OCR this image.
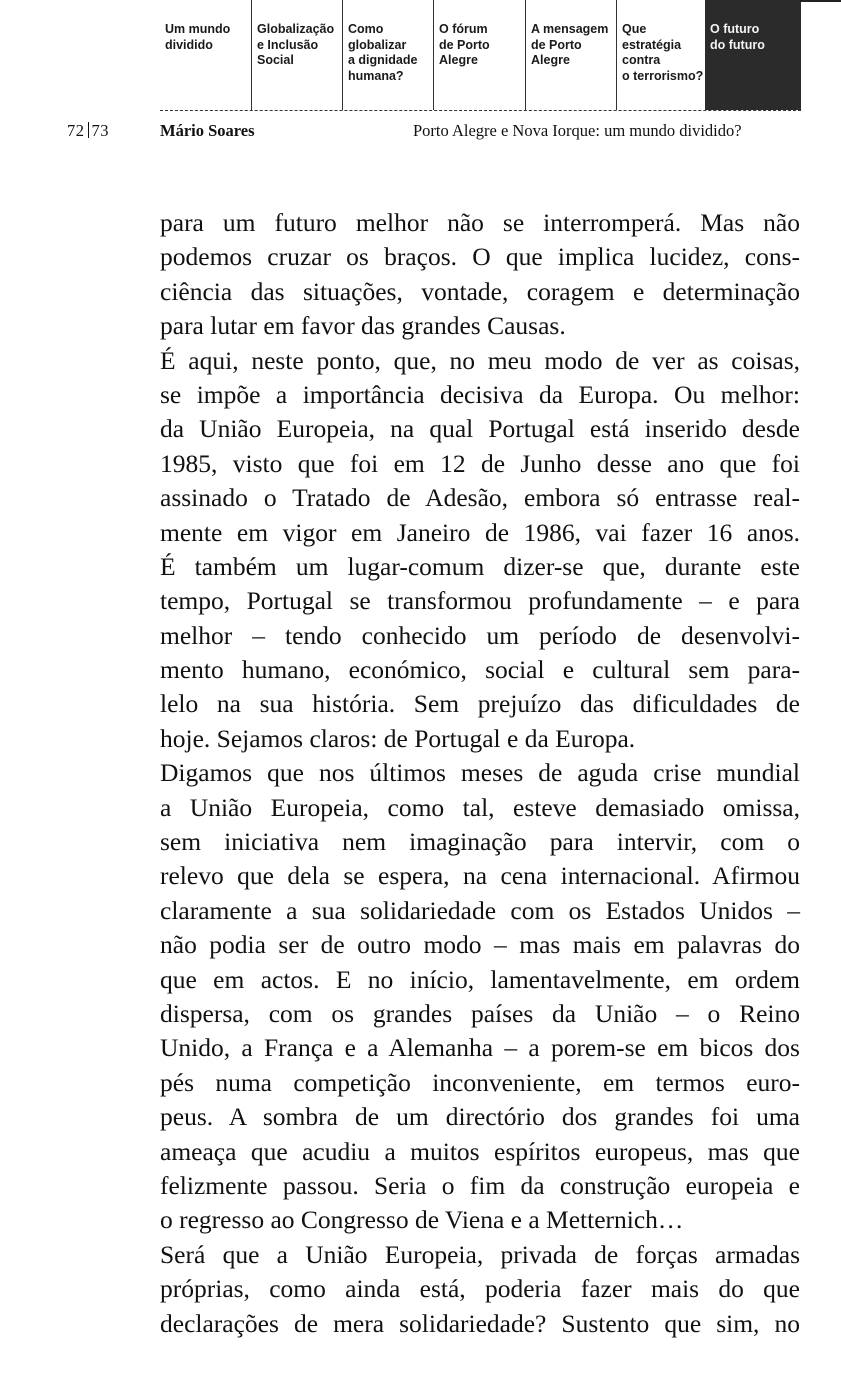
Um mundo
dividido
Globalização
e Inclusão
Social
Como
globalizar
a dignidade
humana?
O fórum
de Porto
Alegre
A mensagem
de Porto
Alegre
Que
estratégia
contra
o terrorismo?
O futuro
do futuro
72 73	Mário Soares	Porto Alegre e Nova Iorque: um mundo dividido?
para um futuro melhor não se interromperá. Mas não
podemos cruzar os braços. O que implica lucidez, cons-
ciência das situações, vontade, coragem e determinação
para lutar em favor das grandes Causas.
É aqui, neste ponto, que, no meu modo de ver as coisas,
se impõe a importância decisiva da Europa. Ou melhor:
da União Europeia, na qual Portugal está inserido desde
1985, visto que foi em 12 de Junho desse ano que foi
assinado o Tratado de Adesão, embora só entrasse real-
mente em vigor em Janeiro de 1986, vai fazer 16 anos.
É também um lugar-comum dizer-se que, durante este
tempo, Portugal se transformou profundamente – e para
melhor – tendo conhecido um período de desenvolvi-
mento humano, económico, social e cultural sem para-
lelo na sua história. Sem prejuízo das dificuldades de
hoje. Sejamos claros: de Portugal e da Europa.
Digamos que nos últimos meses de aguda crise mundial
a União Europeia, como tal, esteve demasiado omissa,
sem iniciativa nem imaginação para intervir, com o
relevo que dela se espera, na cena internacional. Afirmou
claramente a sua solidariedade com os Estados Unidos –
não podia ser de outro modo – mas mais em palavras do
que em actos. E no início, lamentavelmente, em ordem
dispersa, com os grandes países da União – o Reino
Unido, a França e a Alemanha – a porem-se em bicos dos
pés numa competição inconveniente, em termos euro-
peus. A sombra de um directório dos grandes foi uma
ameaça que acudiu a muitos espíritos europeus, mas que
felizmente passou. Seria o fim da construção europeia e
o regresso ao Congresso de Viena e a Metternich…
Será que a União Europeia, privada de forças armadas
próprias, como ainda está, poderia fazer mais do que
declarações de mera solidariedade? Sustento que sim, no
